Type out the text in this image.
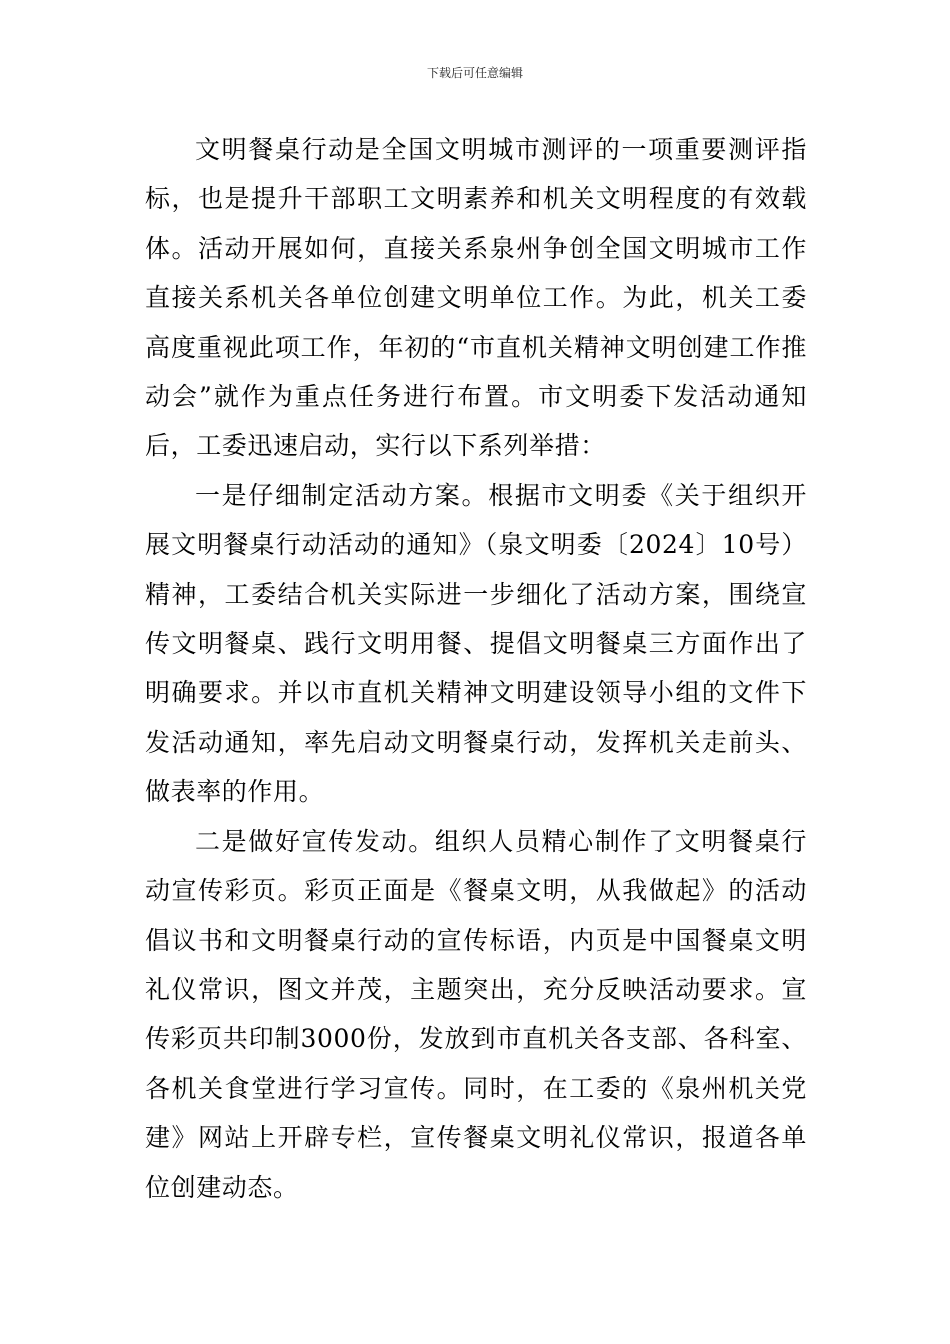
下载后可任意编辑

文明餐桌行动是全国文明城市测评的一项重要测评指标，也是提升干部职工文明素养和机关文明程度的有效载体。活动开展如何，直接关系泉州争创全国文明城市工作直接关系机关各单位创建文明单位工作。为此，机关工委高度重视此项工作，年初的“市直机关精神文明创建工作推动会”就作为重点任务进行布置。市文明委下发活动通知后，工委迅速启动，实行以下系列举措：

一是仔细制定活动方案。根据市文明委《关于组织开展文明餐桌行动活动的通知》（泉文明委〔2024〕10号）精神，工委结合机关实际进一步细化了活动方案，围绕宣传文明餐桌、践行文明用餐、提倡文明餐桌三方面作出了明确要求。并以市直机关精神文明建设领导小组的文件下发活动通知，率先启动文明餐桌行动，发挥机关走前头、做表率的作用。

二是做好宣传发动。组织人员精心制作了文明餐桌行动宣传彩页。彩页正面是《餐桌文明，从我做起》的活动倡议书和文明餐桌行动的宣传标语，内页是中国餐桌文明礼仪常识，图文并茂，主题突出，充分反映活动要求。宣传彩页共印制3000份，发放到市直机关各支部、各科室、各机关食堂进行学习宣传。同时，在工委的《泉州机关党建》网站上开辟专栏，宣传餐桌文明礼仪常识，报道各单位创建动态。
